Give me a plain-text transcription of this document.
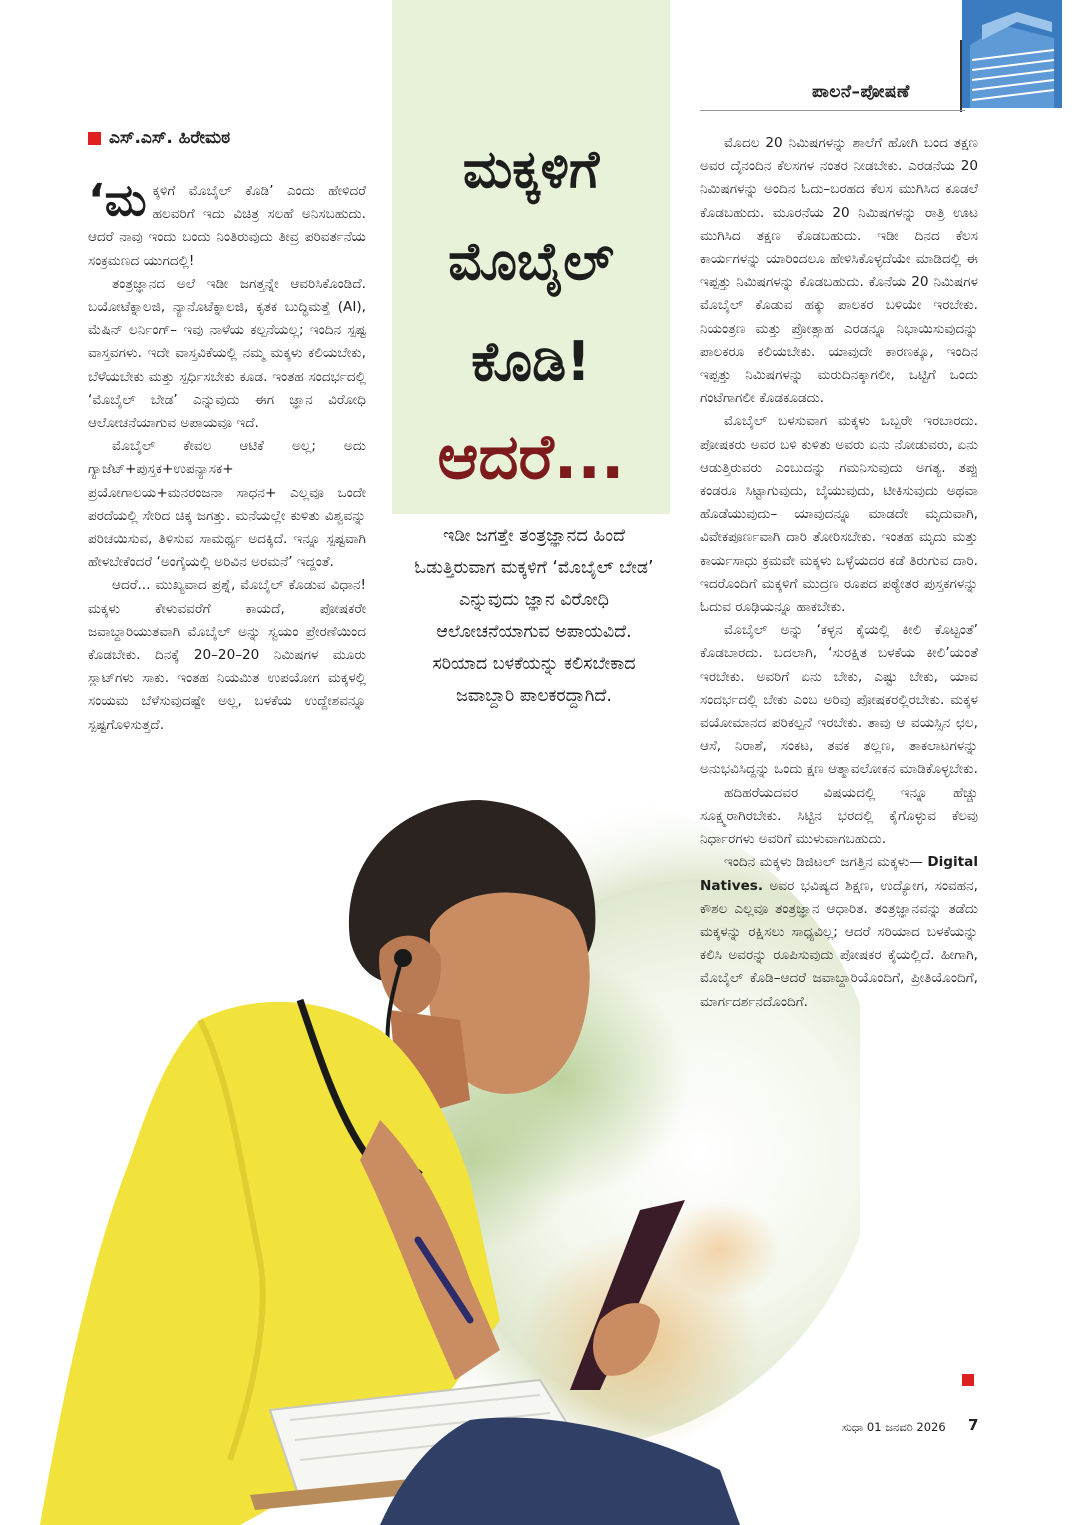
ಪಾಲನೆ–ಪೋಷಣೆ
ಎಸ್.ಎಸ್. ಹಿರೇಮಠ
ಮಕ್ಕಳಿಗೆ
ಮೊಬೈಲ್
ಕೊಡಿ!
ಆದರೆ...
ಇಡೀ ಜಗತ್ತೇ ತಂತ್ರಜ್ಞಾನದ ಹಿಂದೆ ಓಡುತ್ತಿರುವಾಗ ಮಕ್ಕಳಿಗೆ ‘ಮೊಬೈಲ್ ಬೇಡ’ ಎನ್ನುವುದು ಜ್ಞಾನ ವಿರೋಧಿ ಆಲೋಚನೆಯಾಗುವ ಅಪಾಯವಿದೆ. ಸರಿಯಾದ ಬಳಕೆಯನ್ನು ಕಲಿಸಬೇಕಾದ ಜವಾಬ್ದಾರಿ ಪಾಲಕರದ್ದಾಗಿದೆ.

‘ಮಕ್ಕಳಿಗೆ ಮೊಬೈಲ್ ಕೊಡಿ’ ಎಂದು ಹೇಳಿದರೆ ಹಲವರಿಗೆ ಇದು ವಿಚಿತ್ರ ಸಲಹೆ ಅನಿಸಬಹುದು. ಆದರೆ ನಾವು ಇಂದು ಬಂದು ನಿಂತಿರುವುದು ತೀವ್ರ ಪರಿವರ್ತನೆಯ ಸಂಕ್ರಮಣದ ಯುಗದಲ್ಲಿ!

ತಂತ್ರಜ್ಞಾನದ ಅಲೆ ಇಡೀ ಜಗತ್ತನ್ನೇ ಆವರಿಸಿಕೊಂಡಿದೆ. ಬಯೋಟೆಕ್ನಾಲಜಿ, ನ್ಯಾನೊಟೆಕ್ನಾಲಜಿ, ಕೃತಕ ಬುದ್ಧಿಮತ್ತೆ (AI), ಮೆಷಿನ್ ಲರ್ನಿಂಗ್– ಇವು ನಾಳೆಯ ಕಲ್ಪನೆಯಲ್ಲ; ಇಂದಿನ ಸ್ಪಷ್ಟ ವಾಸ್ತವಗಳು. ಇದೇ ವಾಸ್ತವಿಕೆಯಲ್ಲಿ ನಮ್ಮ ಮಕ್ಕಳು ಕಲಿಯಬೇಕು, ಬೆಳೆಯಬೇಕು ಮತ್ತು ಸ್ಪರ್ಧಿಸಬೇಕು ಕೂಡ. ಇಂತಹ ಸಂದರ್ಭದಲ್ಲಿ ‘ಮೊಬೈಲ್ ಬೇಡ’ ಎನ್ನುವುದು ಈಗ ಜ್ಞಾನ ವಿರೋಧಿ ಆಲೋಚನೆಯಾಗುವ ಅಪಾಯವೂ ಇದೆ.

ಮೊಬೈಲ್ ಕೇವಲ ಆಟಿಕೆ ಅಲ್ಲ; ಅದು ಗ್ಯಾಜೆಟ್+ಪುಸ್ತಕ+ಉಪನ್ಯಾಸಕ+ ಪ್ರಯೋಗಾಲಯ+ಮನರಂಜನಾ ಸಾಧನ+ ಎಲ್ಲವೂ ಒಂದೇ ಪರದೆಯಲ್ಲಿ ಸೇರಿದ ಚಿಕ್ಕ ಜಗತ್ತು. ಮನೆಯಲ್ಲೇ ಕುಳಿತು ವಿಶ್ವವನ್ನು ಪರಿಚಯಿಸುವ, ತಿಳಿಸುವ ಸಾಮರ್ಥ್ಯ ಅದಕ್ಕಿದೆ. ಇನ್ನೂ ಸ್ಪಷ್ಟವಾಗಿ ಹೇಳಬೇಕೆಂದರೆ ‘ಅಂಗೈಯಲ್ಲಿ ಅರಿವಿನ ಅರಮನೆ’ ಇದ್ದಂತೆ.

ಆದರೆ... ಮುಖ್ಯವಾದ ಪ್ರಶ್ನೆ, ಮೊಬೈಲ್ ಕೊಡುವ ವಿಧಾನ! ಮಕ್ಕಳು ಕೇಳುವವರೆಗೆ ಕಾಯದೆ, ಪೋಷಕರೇ ಜವಾಬ್ದಾರಿಯುತವಾಗಿ ಮೊಬೈಲ್ ಅನ್ನು ಸ್ವಯಂ ಪ್ರೇರಣೆಯಿಂದ ಕೊಡಬೇಕು. ದಿನಕ್ಕೆ 20–20–20 ನಿಮಿಷಗಳ ಮೂರು ಸ್ಲಾಟ್‌ಗಳು ಸಾಕು. ಇಂತಹ ನಿಯಮಿತ ಉಪಯೋಗ ಮಕ್ಕಳಲ್ಲಿ ಸಂಯಮ ಬೆಳೆಸುವುದಷ್ಟೇ ಅಲ್ಲ, ಬಳಕೆಯ ಉದ್ದೇಶವನ್ನೂ ಸ್ಪಷ್ಟಗೊಳಿಸುತ್ತದೆ.

ಮೊದಲ 20 ನಿಮಿಷಗಳನ್ನು ಶಾಲೆಗೆ ಹೋಗಿ ಬಂದ ತಕ್ಷಣ ಅವರ ದೈನಂದಿನ ಕೆಲಸಗಳ ನಂತರ ನೀಡಬೇಕು. ಎರಡನೆಯ 20 ನಿಮಿಷಗಳನ್ನು ಅಂದಿನ ಓದು–ಬರಹದ ಕೆಲಸ ಮುಗಿಸಿದ ಕೂಡಲೆ ಕೊಡಬಹುದು. ಮೂರನೆಯ 20 ನಿಮಿಷಗಳನ್ನು ರಾತ್ರಿ ಊಟ ಮುಗಿಸಿದ ತಕ್ಷಣ ಕೊಡಬಹುದು. ಇಡೀ ದಿನದ ಕೆಲಸ ಕಾರ್ಯಗಳನ್ನು ಯಾರಿಂದಲೂ ಹೇಳಿಸಿಕೊಳ್ಳದೆಯೇ ಮಾಡಿದಲ್ಲಿ ಈ ಇಪ್ಪತ್ತು ನಿಮಿಷಗಳನ್ನು ಕೊಡಬಹುದು. ಕೊನೆಯ 20 ನಿಮಿಷಗಳ ಮೊಬೈಲ್ ಕೊಡುವ ಹಕ್ಕು ಪಾಲಕರ ಬಳಿಯೇ ಇರಬೇಕು. ನಿಯಂತ್ರಣ ಮತ್ತು ಪ್ರೋತ್ಸಾಹ ಎರಡನ್ನೂ ನಿಭಾಯಿಸುವುದನ್ನು ಪಾಲಕರೂ ಕಲಿಯಬೇಕು. ಯಾವುದೇ ಕಾರಣಕ್ಕೂ, ಇಂದಿನ ಇಪ್ಪತ್ತು ನಿಮಿಷಗಳನ್ನು ಮರುದಿನಕ್ಕಾಗಲೀ, ಒಟ್ಟಿಗೆ ಒಂದು ಗಂಟೆಗಾಗಲೀ ಕೊಡಕೂಡದು.

ಮೊಬೈಲ್ ಬಳಸುವಾಗ ಮಕ್ಕಳು ಒಬ್ಬರೇ ಇರಬಾರದು. ಪೋಷಕರು ಅವರ ಬಳಿ ಕುಳಿತು ಅವರು ಏನು ನೋಡುವರು, ಏನು ಆಡುತ್ತಿರುವರು ಎಂಬುದನ್ನು ಗಮನಿಸುವುದು ಅಗತ್ಯ. ತಪ್ಪು ಕಂಡರೂ ಸಿಟ್ಟಾಗುವುದು, ಬೈಯುವುದು, ಟೀಕಿಸುವುದು ಅಥವಾ ಹೊಡೆಯುವುದು– ಯಾವುದನ್ನೂ ಮಾಡದೇ ಮೃದುವಾಗಿ, ವಿವೇಕಪೂರ್ಣವಾಗಿ ದಾರಿ ತೋರಿಸಬೇಕು. ಇಂತಹ ಮೃದು ಮತ್ತು ಕಾರ್ಯಸಾಧು ಕ್ರಮವೇ ಮಕ್ಕಳು ಒಳ್ಳೆಯದರ ಕಡೆ ತಿರುಗುವ ದಾರಿ. ಇದರೊಂದಿಗೆ ಮಕ್ಕಳಿಗೆ ಮುದ್ರಣ ರೂಪದ ಪಠ್ಯೇತರ ಪುಸ್ತಕಗಳನ್ನು ಓದುವ ರೂಢಿಯನ್ನೂ ಹಾಕಬೇಕು.

ಮೊಬೈಲ್ ಅನ್ನು ‘ಕಳ್ಳನ ಕೈಯಲ್ಲಿ ಕೀಲಿ ಕೊಟ್ಟಂತೆ’ ಕೊಡಬಾರದು. ಬದಲಾಗಿ, ‘ಸುರಕ್ಷಿತ ಬಳಕೆಯ ಕೀಲಿ’ಯಂತೆ ಇರಬೇಕು. ಅವರಿಗೆ ಏನು ಬೇಕು, ಎಷ್ಟು ಬೇಕು, ಯಾವ ಸಂದರ್ಭದಲ್ಲಿ ಬೇಕು ಎಂಬ ಅರಿವು ಪೋಷಕರಲ್ಲಿರಬೇಕು. ಮಕ್ಕಳ ವಯೋಮಾನದ ಪರಿಕಲ್ಪನೆ ಇರಬೇಕು. ತಾವು ಆ ವಯಸ್ಸಿನ ಛಲ, ಆಸೆ, ನಿರಾಶೆ, ಸಂಕಟ, ತವಕ ತಲ್ಲಣ, ತಾಕಲಾಟಗಳನ್ನು ಅನುಭವಿಸಿದ್ದನ್ನು ಒಂದು ಕ್ಷಣ ಆತ್ಮಾವಲೋಕನ ಮಾಡಿಕೊಳ್ಳಬೇಕು.

ಹದಿಹರೆಯದವರ ವಿಷಯದಲ್ಲಿ ಇನ್ನೂ ಹೆಚ್ಚು ಸೂಕ್ಷ್ಮರಾಗಿರಬೇಕು. ಸಿಟ್ಟಿನ ಭರದಲ್ಲಿ ಕೈಗೊಳ್ಳುವ ಕೆಲವು ನಿರ್ಧಾರಗಳು ಅವರಿಗೆ ಮುಳುವಾಗಬಹುದು.

ಇಂದಿನ ಮಕ್ಕಳು ಡಿಜಿಟಲ್ ಜಗತ್ತಿನ ಮಕ್ಕಳು— Digital Natives. ಅವರ ಭವಿಷ್ಯದ ಶಿಕ್ಷಣ, ಉದ್ಯೋಗ, ಸಂವಹನ, ಕೌಶಲ ಎಲ್ಲವೂ ತಂತ್ರಜ್ಞಾನ ಆಧಾರಿತ. ತಂತ್ರಜ್ಞಾನವನ್ನು ತಡೆದು ಮಕ್ಕಳನ್ನು ರಕ್ಷಿಸಲು ಸಾಧ್ಯವಿಲ್ಲ; ಆದರೆ ಸರಿಯಾದ ಬಳಕೆಯನ್ನು ಕಲಿಸಿ ಅವರನ್ನು ರೂಪಿಸುವುದು ಪೋಷಕರ ಕೈಯಲ್ಲಿದೆ. ಹೀಗಾಗಿ, ಮೊಬೈಲ್ ಕೊಡಿ–ಆದರೆ ಜವಾಬ್ದಾರಿಯೊಂದಿಗೆ, ಪ್ರೀತಿಯೊಂದಿಗೆ, ಮಾರ್ಗದರ್ಶನದೊಂದಿಗೆ.

ಸುಧಾ 01 ಜನವರಿ 2026 7
